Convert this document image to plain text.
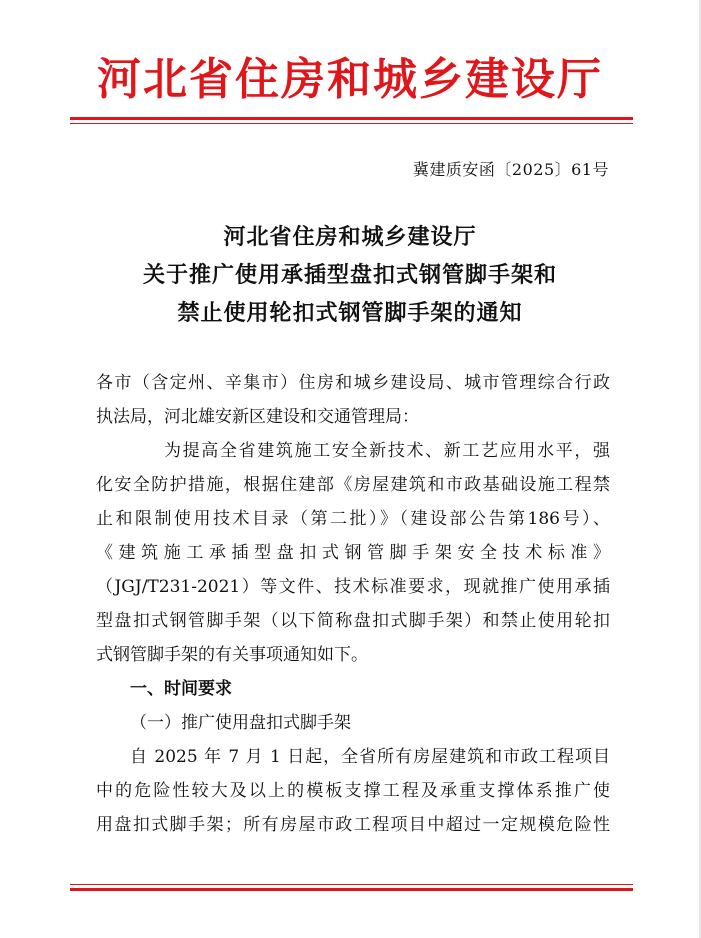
河北省住房和城乡建设厅
冀建质安函〔2025〕61号
河北省住房和城乡建设厅
关于推广使用承插型盘扣式钢管脚手架和
禁止使用轮扣式钢管脚手架的通知

各市（含定州、辛集市）住房和城乡建设局、城市管理综合行政

执法局，河北雄安新区建设和交通管理局：

为提高全省建筑施工安全新技术、新工艺应用水平，强

化安全防护措施，根据住建部《房屋建筑和市政基础设施工程禁

止和限制使用技术目录（第二批）》（建设部公告第186号）、

《建筑施工承插型盘扣式钢管脚手架安全技术标准》

（JGJ/T231-2021）等文件、技术标准要求，现就推广使用承插

型盘扣式钢管脚手架（以下简称盘扣式脚手架）和禁止使用轮扣

式钢管脚手架的有关事项通知如下。

一、时间要求

（一）推广使用盘扣式脚手架

自 2025 年 7 月 1 日起，全省所有房屋建筑和市政工程项目

中的危险性较大及以上的模板支撑工程及承重支撑体系推广使

用盘扣式脚手架；所有房屋市政工程项目中超过一定规模危险性
